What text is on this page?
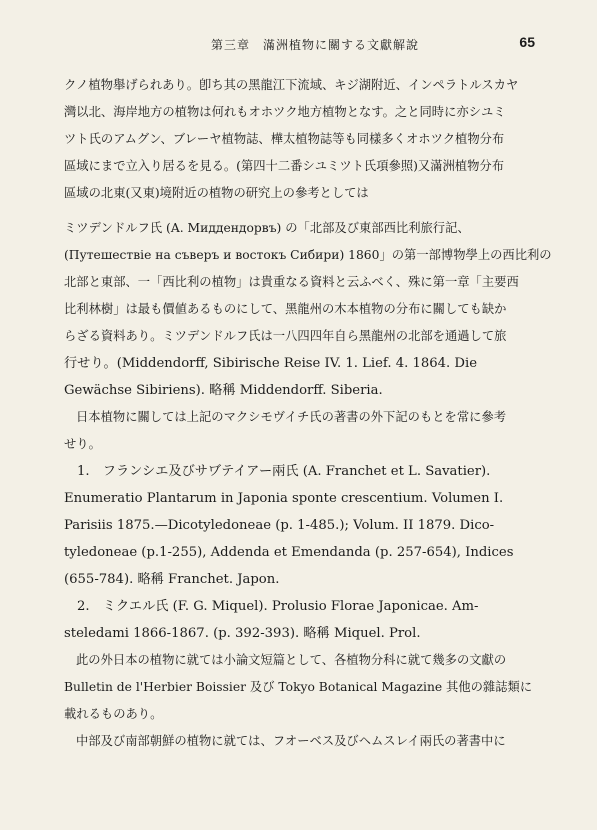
第三章　滿洲植物に關する文獻解說	65

クノ植物舉げられあり。卽ち其の黑龍江下流域、キジ湖附近、インペラトルスカヤ

灣以北、海岸地方の植物は何れもオホツク地方植物となす。之と同時に亦シユミ

ツト氏のアムグン、ブレーヤ植物誌、樺太植物誌等も同樣多くオホツク植物分布

區域にまで立入り居るを見る。(第四十二番シユミツト氏項參照)又滿洲植物分布

區域の北東(又東)境附近の植物の研究上の參考としては

ミツデンドルフ氏 (A. Миддендорвъ) の「北部及び東部西比利旅行記、

(Путешествіе на съверъ и востокъ Сибири) 1860」の第一部博物學上の西比利の

北部と東部、一「西比利の植物」は貴重なる資料と云ふべく、殊に第一章「主要西

比利林樹」は最も價値あるものにして、黑龍州の木本植物の分布に關しても缺か

らざる資料あり。ミツデンドルフ氏は一八四四年自ら黑龍州の北部を通過して旅

行せり。(Middendorff, Sibirische Reise IV. 1. Lief. 4. 1864. Die

Gewächse Sibiriens). 略稱 Middendorff. Siberia.

日本植物に關しては上記のマクシモヴイチ氏の著書の外下記のもとを常に參考

せり。

1.　フランシエ及びサヷテイアー兩氏 (A. Franchet et L. Savatier).

Enumeratio Plantarum in Japonia sponte crescentium. Volumen I.

Parisiis 1875.—Dicotyledoneae (p. 1-485.); Volum. II 1879. Dico-

tyledoneae (p.1-255), Addenda et Emendanda (p. 257-654), Indices

(655-784). 略稱 Franchet. Japon.

2.　ミクエル氏 (F. G. Miquel). Prolusio Florae Japonicae. Am-

steledami 1866-1867. (p. 392-393). 略稱 Miquel. Prol.

此の外日本の植物に就ては小論文短篇として、各植物分科に就て幾多の文獻の

Bulletin de l'Herbier Boissier 及び Tokyo Botanical Magazine 其他の雜誌類に

載れるものあり。

中部及び南部朝鮮の植物に就ては、フオーベス及びヘムスレイ兩氏の著書中に
